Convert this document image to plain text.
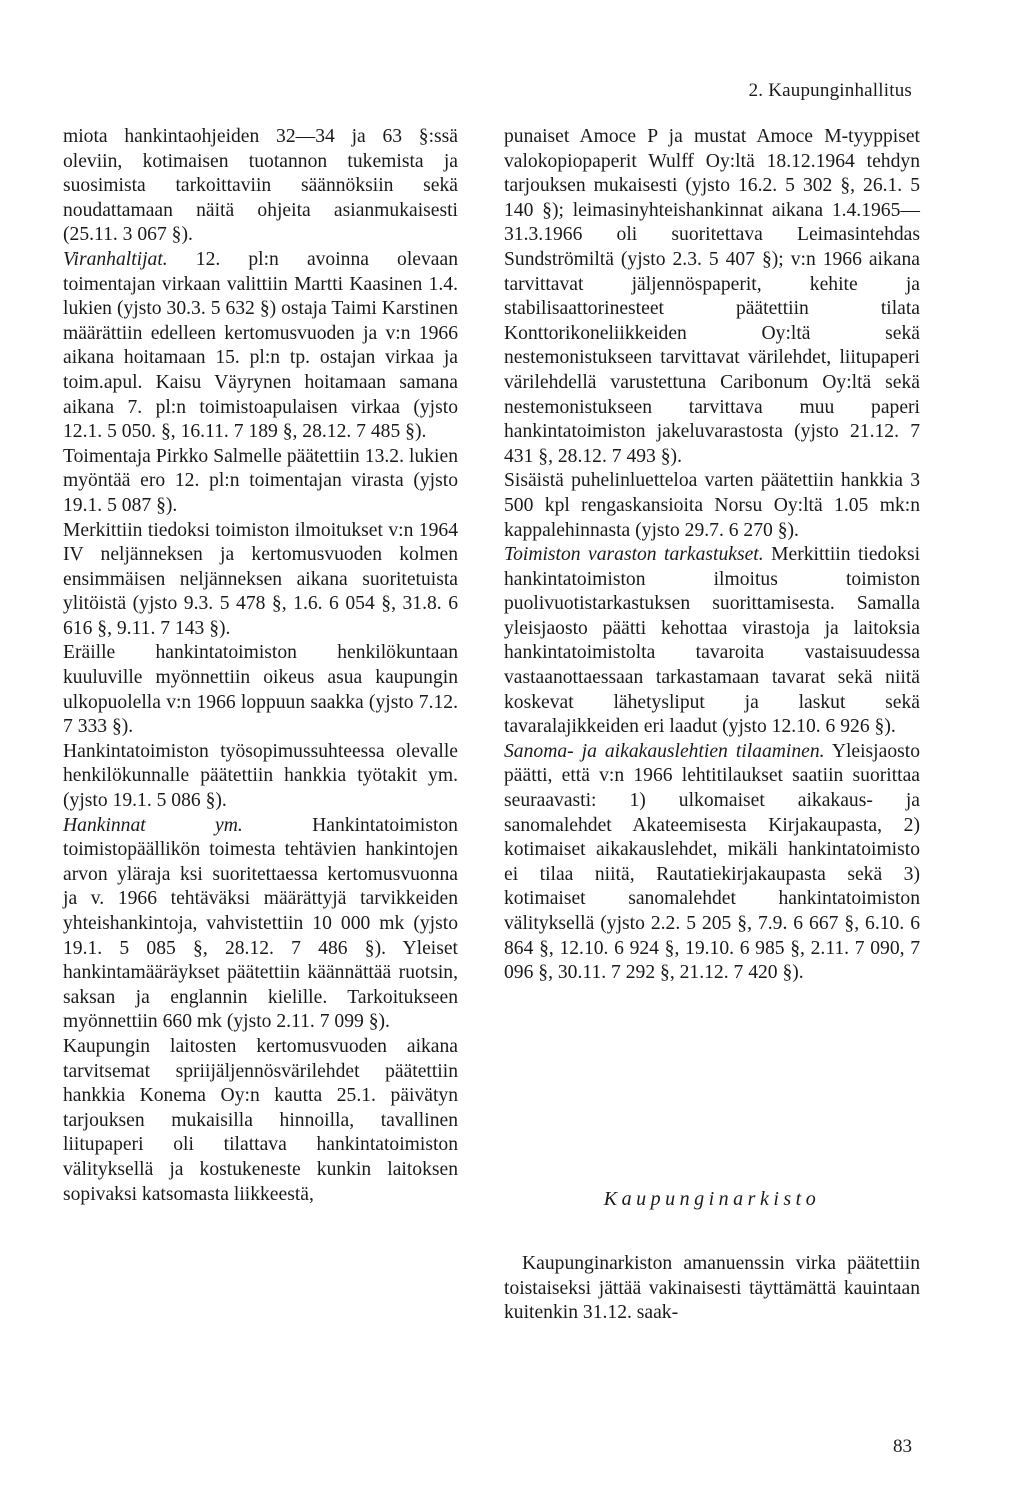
2. Kaupunginhallitus

miota hankintaohjeiden 32—34 ja 63 §:ssä oleviin, kotimaisen tuotannon tukemista ja suosimista tarkoittaviin säännöksiin sekä noudattamaan näitä ohjeita asianmukaisesti (25.11. 3 067 §).

Viranhaltijat. 12. pl:n avoinna olevaan toimentajan virkaan valittiin Martti Kaasinen 1.4. lukien (yjsto 30.3. 5 632 §) ostaja Taimi Karstinen määrättiin edelleen kertomusvuoden ja v:n 1966 aikana hoitamaan 15. pl:n tp. ostajan virkaa ja toim.apul. Kaisu Väyrynen hoitamaan samana aikana 7. pl:n toimistoapulaisen virkaa (yjsto 12.1. 5 050. §, 16.11. 7 189 §, 28.12. 7 485 §).

Toimentaja Pirkko Salmelle päätettiin 13.2. lukien myöntää ero 12. pl:n toimentajan virasta (yjsto 19.1. 5 087 §).

Merkittiin tiedoksi toimiston ilmoitukset v:n 1964 IV neljänneksen ja kertomusvuoden kolmen ensimmäisen neljänneksen aikana suoritetuista ylitöistä (yjsto 9.3. 5 478 §, 1.6. 6 054 §, 31.8. 6 616 §, 9.11. 7 143 §).

Eräille hankintatoimiston henkilökuntaan kuuluville myönnettiin oikeus asua kaupungin ulkopuolella v:n 1966 loppuun saakka (yjsto 7.12. 7 333 §).

Hankintatoimiston työsopimussuhteessa olevalle henkilökunnalle päätettiin hankkia työtakit ym. (yjsto 19.1. 5 086 §).

Hankinnat ym. Hankintatoimiston toimistopäällikön toimesta tehtävien hankintojen arvon yläraja ksi suoritettaessa kertomusvuonna ja v. 1966 tehtäväksi määrättyjä tarvikkeiden yhteishankintoja, vahvistettiin 10 000 mk (yjsto 19.1. 5 085 §, 28.12. 7 486 §). Yleiset hankintamääräykset päätettiin käännättää ruotsin, saksan ja englannin kielille. Tarkoitukseen myönnettiin 660 mk (yjsto 2.11. 7 099 §).

Kaupungin laitosten kertomusvuoden aikana tarvitsemat spriijäljennösvärilehdet päätettiin hankkia Konema Oy:n kautta 25.1. päivätyn tarjouksen mukaisilla hinnoilla, tavallinen liitupaperi oli tilattava hankintatoimiston välityksellä ja kostukeneste kunkin laitoksen sopivaksi katsomasta liikkeestä,

punaiset Amoce P ja mustat Amoce M-tyyppiset valokopiopaperit Wulff Oy:ltä 18.12.1964 tehdyn tarjouksen mukaisesti (yjsto 16.2. 5 302 §, 26.1. 5 140 §); leimasinyhteishankinnat aikana 1.4.1965—31.3.1966 oli suoritettava Leimasintehdas Sundströmiltä (yjsto 2.3. 5 407 §); v:n 1966 aikana tarvittavat jäljennöspaperit, kehite ja stabilisaattorinesteet päätettiin tilata Konttorikoneliikkeiden Oy:ltä sekä nestemonistukseen tarvittavat värilehdet, liitupaperi värilehdellä varustettuna Caribonum Oy:ltä sekä nestemonistukseen tarvittava muu paperi hankintatoimiston jakeluvarastosta (yjsto 21.12. 7 431 §, 28.12. 7 493 §).

Sisäistä puhelinluetteloa varten päätettiin hankkia 3 500 kpl rengaskansioita Norsu Oy:ltä 1.05 mk:n kappalehinnasta (yjsto 29.7. 6 270 §).

Toimiston varaston tarkastukset. Merkittiin tiedoksi hankintatoimiston ilmoitus toimiston puolivuotistarkastuksen suorittamisesta. Samalla yleisjaosto päätti kehottaa virastoja ja laitoksia hankintatoimistolta tavaroita vastaisuudessa vastaanottaessaan tarkastamaan tavarat sekä niitä koskevat lähetysliput ja laskut sekä tavaralajikkeiden eri laadut (yjsto 12.10. 6 926 §).

Sanoma- ja aikakauslehtien tilaaminen. Yleisjaosto päätti, että v:n 1966 lehtitilaukset saatiin suorittaa seuraavasti: 1) ulkomaiset aikakaus- ja sanomalehdet Akateemisesta Kirjakaupasta, 2) kotimaiset aikakauslehdet, mikäli hankintatoimisto ei tilaa niitä, Rautatiekirjakaupasta sekä 3) kotimaiset sanomalehdet hankintatoimiston välityksellä (yjsto 2.2. 5 205 §, 7.9. 6 667 §, 6.10. 6 864 §, 12.10. 6 924 §, 19.10. 6 985 §, 2.11. 7 090, 7 096 §, 30.11. 7 292 §, 21.12. 7 420 §).

Kaupunginarkisto

Kaupunginarkiston amanuenssin virka päätettiin toistaiseksi jättää vakinaisesti täyttämättä kauintaan kuitenkin 31.12. saak-

83
